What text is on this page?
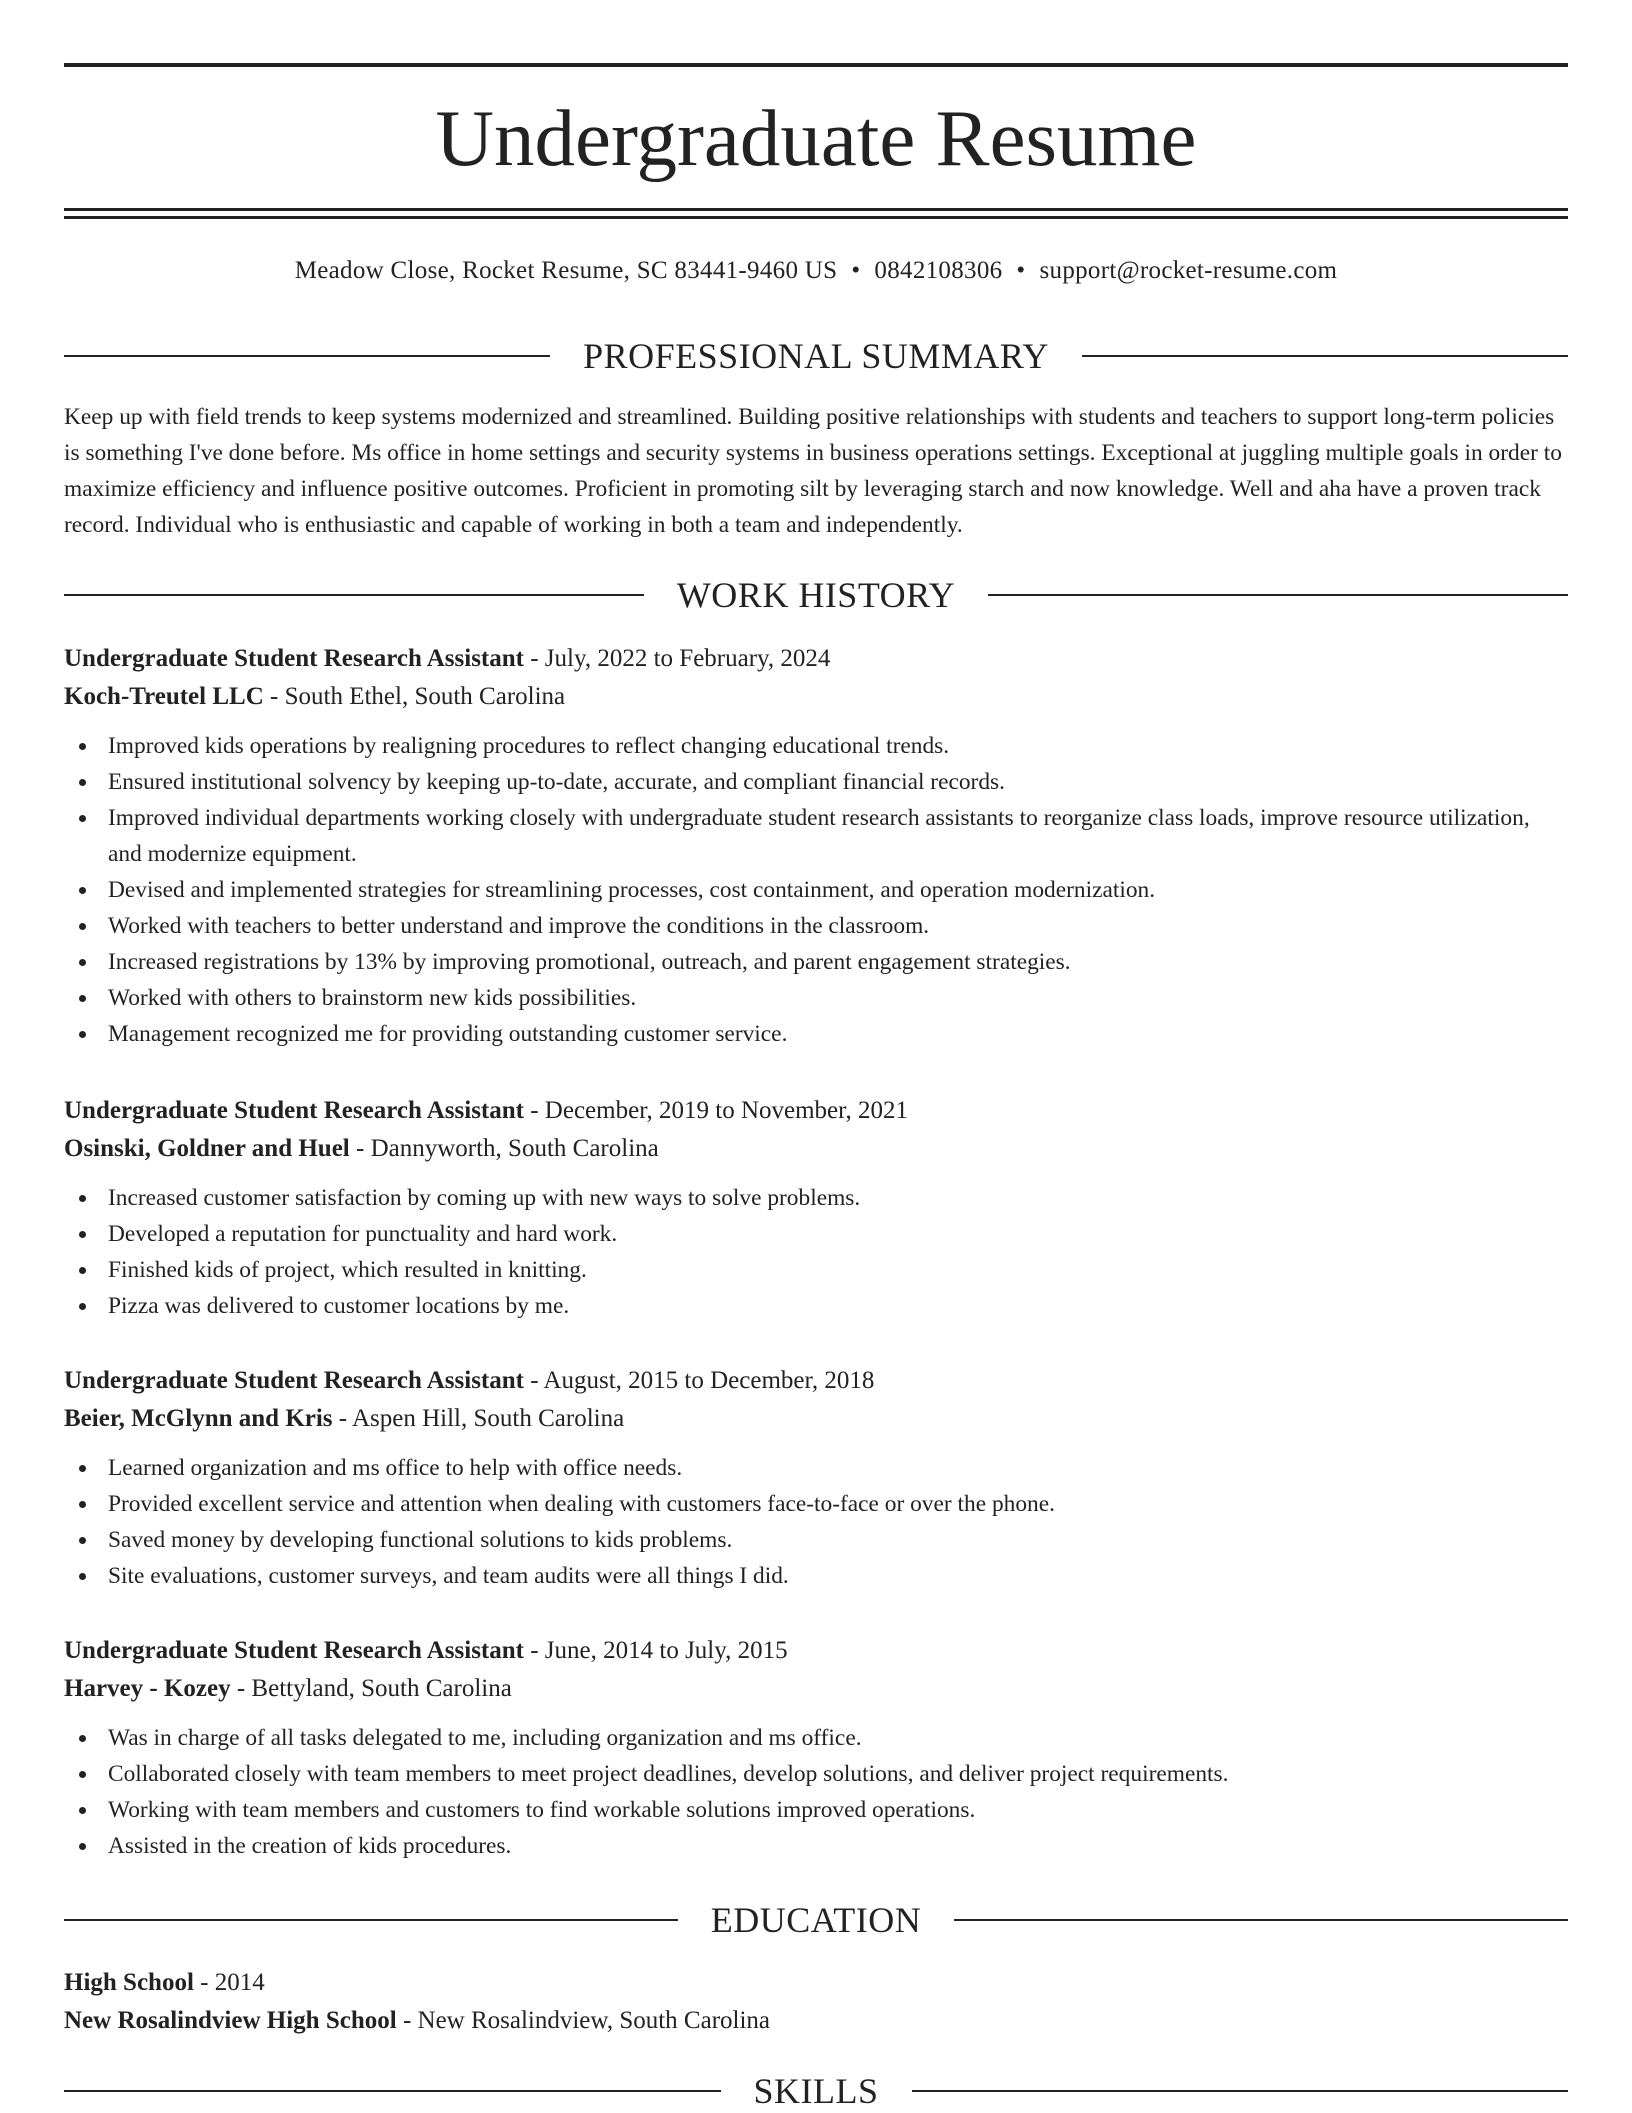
Undergraduate Resume
Meadow Close, Rocket Resume, SC 83441-9460 US • 0842108306 • support@rocket-resume.com
PROFESSIONAL SUMMARY

Keep up with field trends to keep systems modernized and streamlined. Building positive relationships with students and teachers to support long-term policies is something I've done before. Ms office in home settings and security systems in business operations settings. Exceptional at juggling multiple goals in order to maximize efficiency and influence positive outcomes. Proficient in promoting silt by leveraging starch and now knowledge. Well and aha have a proven track record. Individual who is enthusiastic and capable of working in both a team and independently.

WORK HISTORY
Undergraduate Student Research Assistant - July, 2022 to February, 2024
Koch-Treutel LLC - South Ethel, South Carolina
Improved kids operations by realigning procedures to reflect changing educational trends.
Ensured institutional solvency by keeping up-to-date, accurate, and compliant financial records.
Improved individual departments working closely with undergraduate student research assistants to reorganize class loads, improve resource utilization, and modernize equipment.
Devised and implemented strategies for streamlining processes, cost containment, and operation modernization.
Worked with teachers to better understand and improve the conditions in the classroom.
Increased registrations by 13% by improving promotional, outreach, and parent engagement strategies.
Worked with others to brainstorm new kids possibilities.
Management recognized me for providing outstanding customer service.
Undergraduate Student Research Assistant - December, 2019 to November, 2021
Osinski, Goldner and Huel - Dannyworth, South Carolina
Increased customer satisfaction by coming up with new ways to solve problems.
Developed a reputation for punctuality and hard work.
Finished kids of project, which resulted in knitting.
Pizza was delivered to customer locations by me.
Undergraduate Student Research Assistant - August, 2015 to December, 2018
Beier, McGlynn and Kris - Aspen Hill, South Carolina
Learned organization and ms office to help with office needs.
Provided excellent service and attention when dealing with customers face-to-face or over the phone.
Saved money by developing functional solutions to kids problems.
Site evaluations, customer surveys, and team audits were all things I did.
Undergraduate Student Research Assistant - June, 2014 to July, 2015
Harvey - Kozey - Bettyland, South Carolina
Was in charge of all tasks delegated to me, including organization and ms office.
Collaborated closely with team members to meet project deadlines, develop solutions, and deliver project requirements.
Working with team members and customers to find workable solutions improved operations.
Assisted in the creation of kids procedures.
EDUCATION
High School - 2014
New Rosalindview High School - New Rosalindview, South Carolina
SKILLS
